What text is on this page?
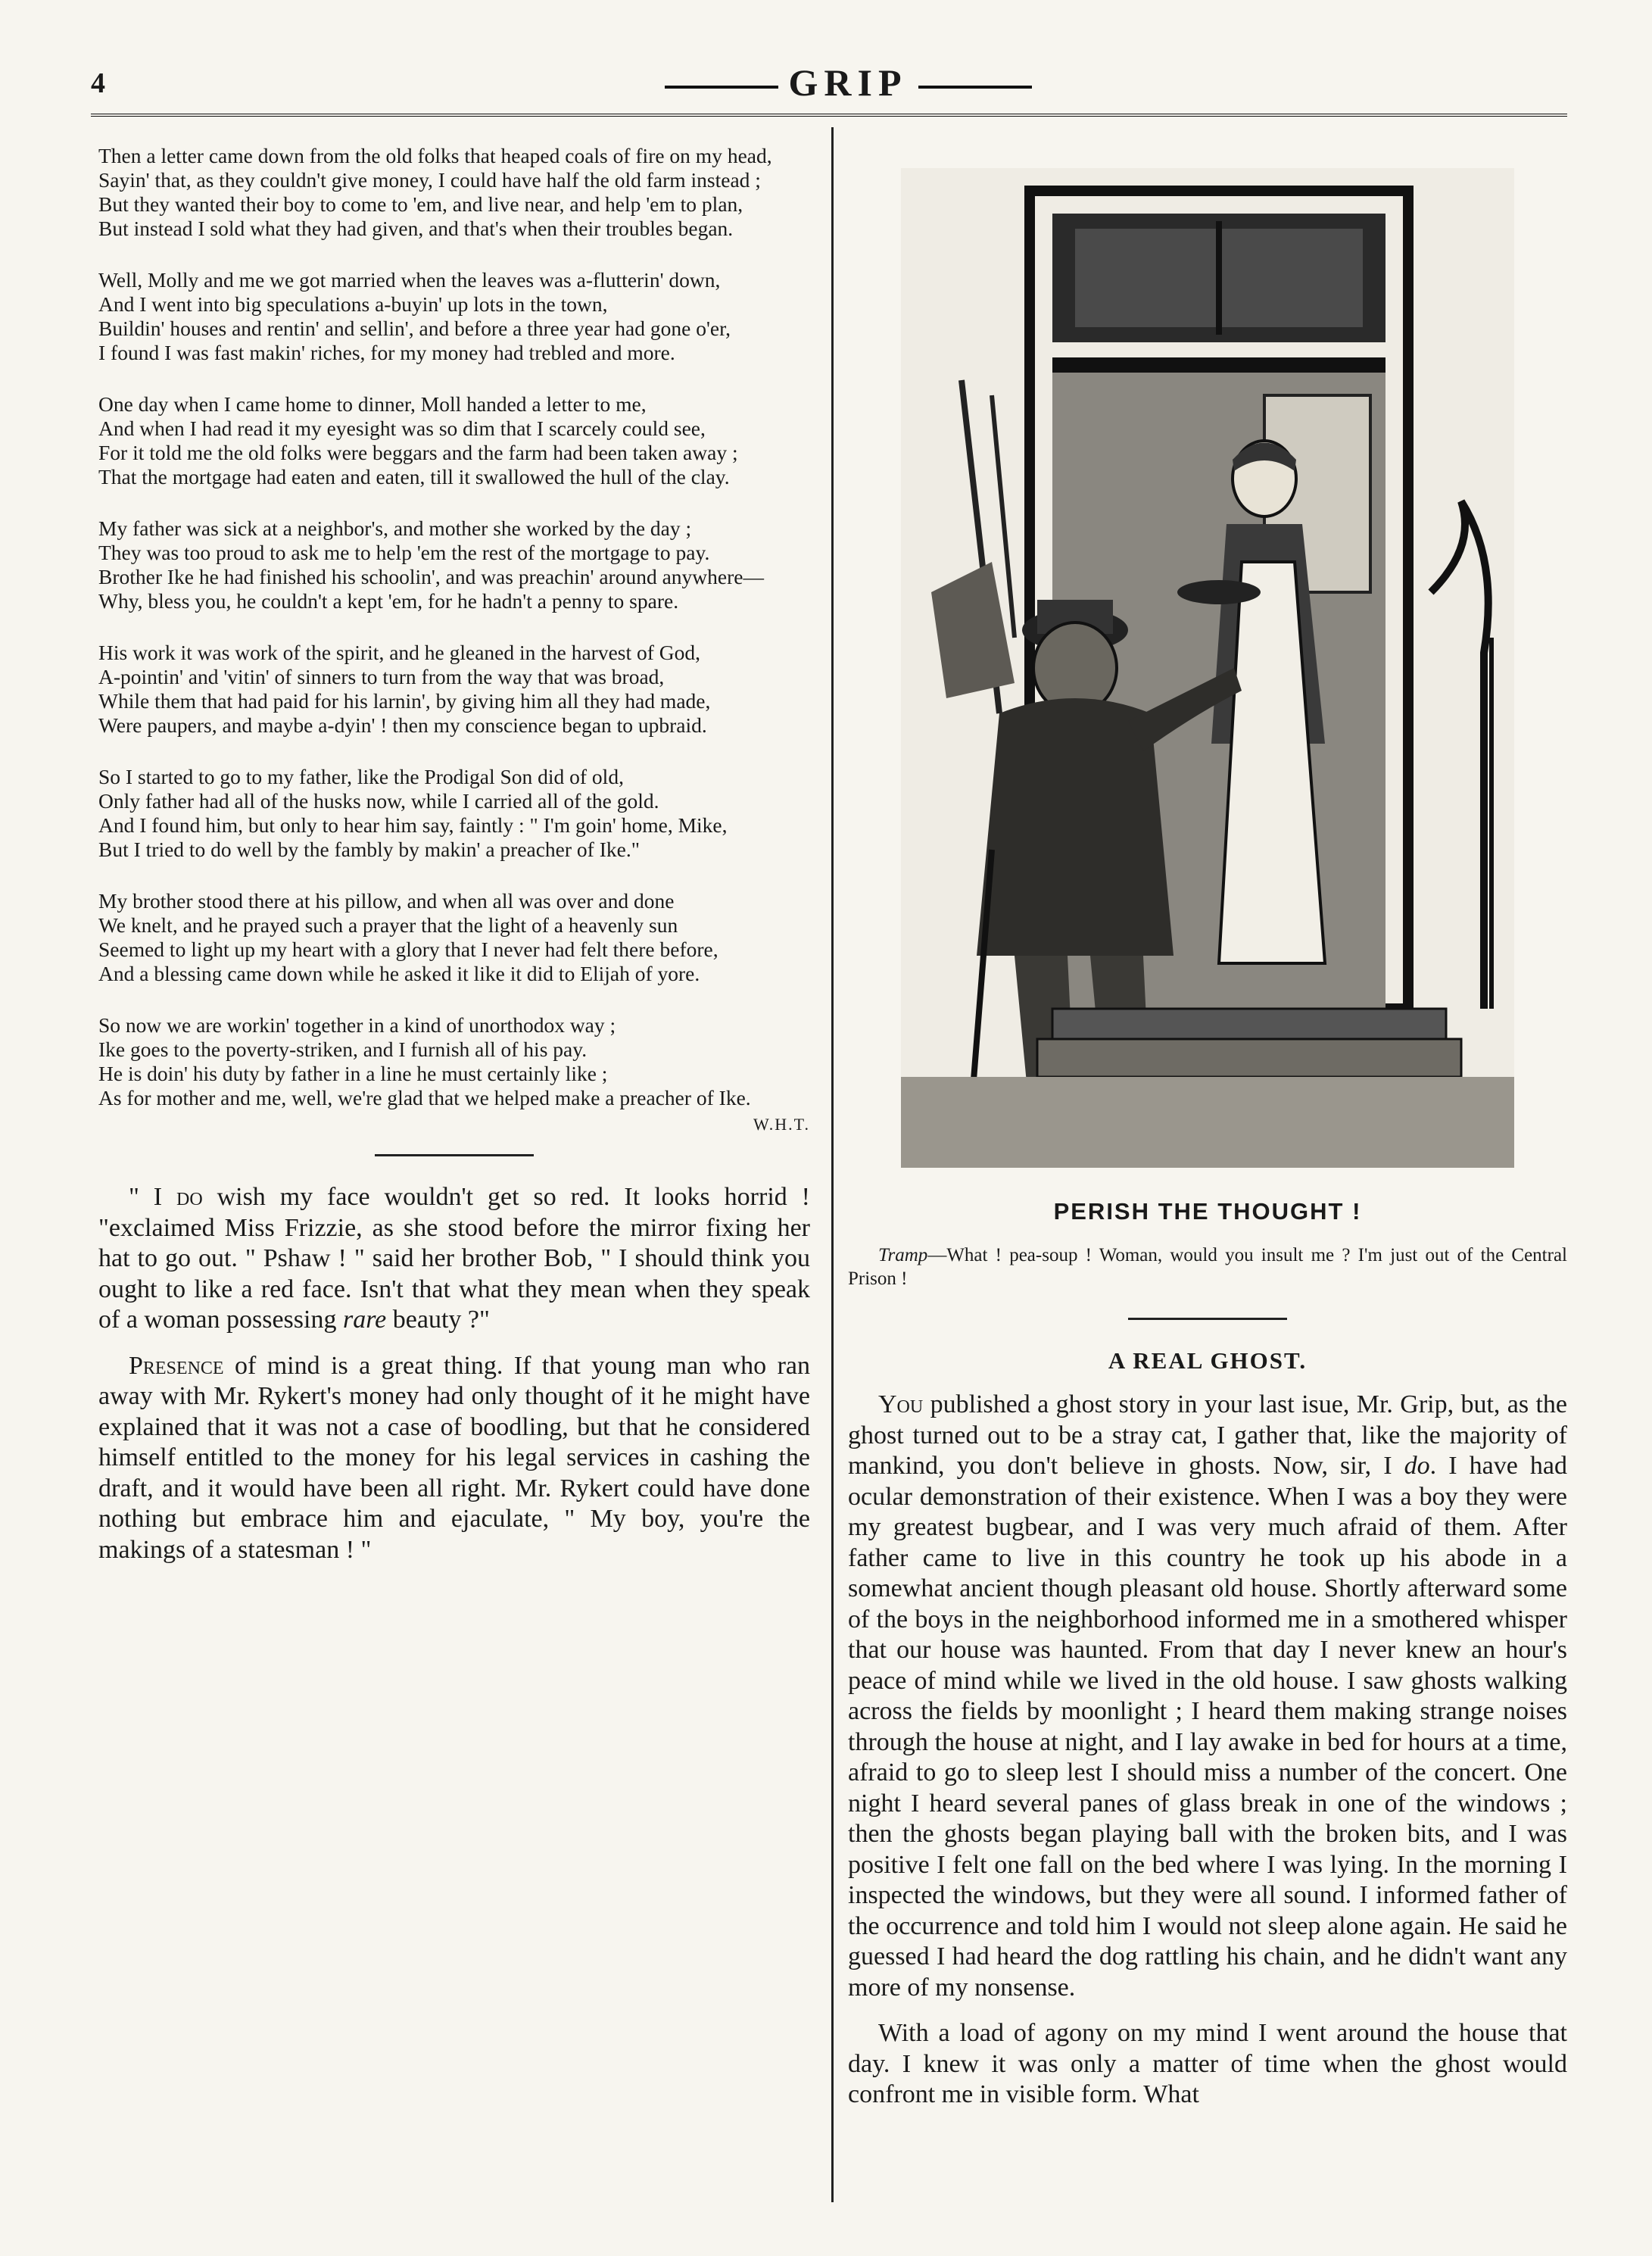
4	GRIP
Then a letter came down from the old folks that heaped coals of fire on my head,
Sayin' that, as they couldn't give money, I could have half the old farm instead ;
But they wanted their boy to come to 'em, and live near, and help 'em to plan,
But instead I sold what they had given, and that's when their troubles began.
Well, Molly and me we got married when the leaves was a-flutterin' down,
And I went into big speculations a-buyin' up lots in the town,
Buildin' houses and rentin' and sellin', and before a three year had gone o'er,
I found I was fast makin' riches, for my money had trebled and more.
One day when I came home to dinner, Moll handed a letter to me,
And when I had read it my eyesight was so dim that I scarcely could see,
For it told me the old folks were beggars and the farm had been taken away ;
That the mortgage had eaten and eaten, till it swallowed the hull of the clay.
My father was sick at a neighbor's, and mother she worked by the day ;
They was too proud to ask me to help 'em the rest of the mortgage to pay.
Brother Ike he had finished his schoolin', and was preachin' around anywhere—
Why, bless you, he couldn't a kept 'em, for he hadn't a penny to spare.
His work it was work of the spirit, and he gleaned in the harvest of God,
A-pointin' and 'vitin' of sinners to turn from the way that was broad,
While them that had paid for his larnin', by giving him all they had made,
Were paupers, and maybe a-dyin' ! then my conscience began to upbraid.
So I started to go to my father, like the Prodigal Son did of old,
Only father had all of the husks now, while I carried all of the gold.
And I found him, but only to hear him say, faintly : " I'm goin' home, Mike,
But I tried to do well by the fambly by makin' a preacher of Ike."
My brother stood there at his pillow, and when all was over and done
We knelt, and he prayed such a prayer that the light of a heavenly sun
Seemed to light up my heart with a glory that I never had felt there before,
And a blessing came down while he asked it like it did to Elijah of yore.
So now we are workin' together in a kind of unorthodox way ;
Ike goes to the poverty-striken, and I furnish all of his pay.
He is doin' his duty by father in a line he must certainly like ;
As for mother and me, well, we're glad that we helped make a preacher of Ike.
W.H.T.

" I do wish my face wouldn't get so red. It looks horrid ! "exclaimed Miss Frizzie, as she stood before the mirror fixing her hat to go out. " Pshaw ! " said her brother Bob, " I should think you ought to like a red face. Isn't that what they mean when they speak of a woman possessing rare beauty ?"

Presence of mind is a great thing. If that young man who ran away with Mr. Rykert's money had only thought of it he might have explained that it was not a case of boodling, but that he considered himself entitled to the money for his legal services in cashing the draft, and it would have been all right. Mr. Rykert could have done nothing but embrace him and ejaculate, " My boy, you're the makings of a statesman ! "

PERISH THE THOUGHT !
Tramp—What ! pea-soup ! Woman, would you insult me ? I'm just out of the Central Prison !
A REAL GHOST.

You published a ghost story in your last isue, Mr. Grip, but, as the ghost turned out to be a stray cat, I gather that, like the majority of mankind, you don't believe in ghosts. Now, sir, I do. I have had ocular demonstration of their existence. When I was a boy they were my greatest bugbear, and I was very much afraid of them. After father came to live in this country he took up his abode in a somewhat ancient though pleasant old house. Shortly afterward some of the boys in the neighborhood informed me in a smothered whisper that our house was haunted. From that day I never knew an hour's peace of mind while we lived in the old house. I saw ghosts walking across the fields by moonlight ; I heard them making strange noises through the house at night, and I lay awake in bed for hours at a time, afraid to go to sleep lest I should miss a number of the concert. One night I heard several panes of glass break in one of the windows ; then the ghosts began playing ball with the broken bits, and I was positive I felt one fall on the bed where I was lying. In the morning I inspected the windows, but they were all sound. I informed father of the occurrence and told him I would not sleep alone again. He said he guessed I had heard the dog rattling his chain, and he didn't want any more of my nonsense.

With a load of agony on my mind I went around the house that day. I knew it was only a matter of time when the ghost would confront me in visible form. What
